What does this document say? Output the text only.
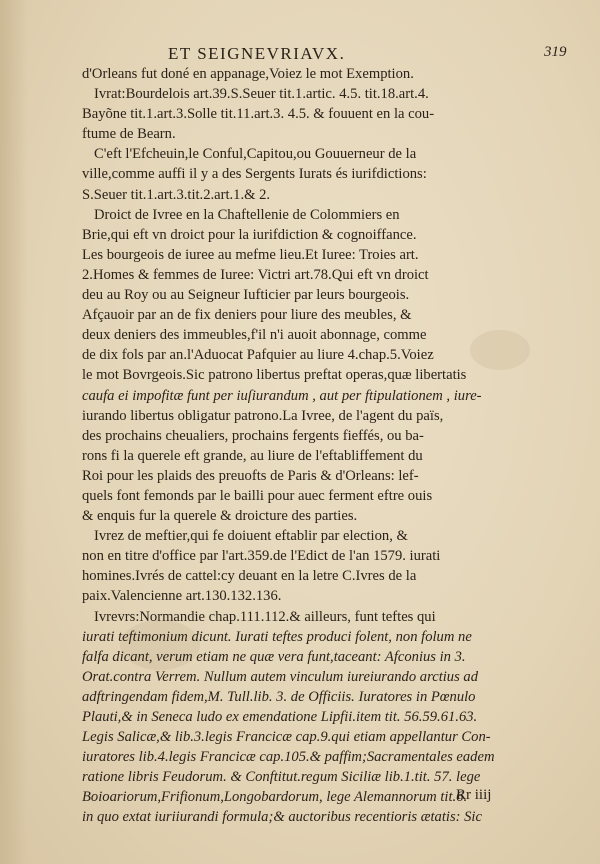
ET SEIGNEVRIAVX.	319
d'Orleans fut doné en appanage,Voiez le mot Exemption.
Ivrat:Bourdelois art.39.S.Seuer tit.1.artic. 4.5. tit.18.art.4.
Bayõne tit.1.art.3.Solle tit.11.art.3. 4.5. & fouuent en la cou-
ftume de Bearn.
C'eft l'Efcheuin,le Conful,Capitou,ou Gouuerneur de la
ville,comme auffi il y a des Sergents Iurats és iurifdictions:
S.Seuer tit.1.art.3.tit.2.art.1.& 2.
Droict de Ivree en la Chaftellenie de Colommiers en
Brie,qui eft vn droict pour la iurifdiction & cognoiffance.
Les bourgeois de iuree au mefme lieu.Et Iuree: Troies art.
2.Homes & femmes de Iuree: Victri art.78.Qui eft vn droict
deu au Roy ou au Seigneur Iufticier par leurs bourgeois.
Afçauoir par an de fix deniers pour liure des meubles, &
deux deniers des immeubles,f'il n'i auoit abonnage, comme
de dix fols par an.l'Aduocat Pafquier au liure 4.chap.5.Voiez
le mot Bovrgeois.Sic patrono libertus preftat operas,quæ libertatis
caufa ei impofitæ funt per iuſiurandum , aut per ftipulationem , iure-
iurando libertus obligatur patrono.La Ivree, de l'agent du païs,
des prochains cheualiers, prochains fergents fieffés, ou ba-
rons fi la querele eft grande, au liure de l'eftabliffement du
Roi pour les plaids des preuofts de Paris & d'Orleans: lef-
quels font femonds par le bailli pour auec ferment eftre ouis
& enquis fur la querele & droicture des parties.
Ivrez de meftier,qui fe doiuent eftablir par election, &
non en titre d'office par l'art.359.de l'Edict de l'an 1579. iurati
homines.Ivrés de cattel:cy deuant en la letre C.Ivres de la
paix.Valencienne art.130.132.136.
Ivrevrs:Normandie chap.111.112.& ailleurs, funt teftes qui
iurati teftimonium dicunt. Iurati teftes produci folent, non folum ne
falfa dicant, verum etiam ne quæ vera funt,taceant: Afconius in 3.
Orat.contra Verrem. Nullum autem vinculum iureiurando arctius ad
adftringendam fidem,M. Tull.lib. 3. de Officiis. Iuratores in Pœnulo
Plauti,& in Seneca ludo ex emendatione Lipfii.item tit. 56.59.61.63.
Legis Salicæ,& lib.3.legis Francicæ cap.9.qui etiam appellantur Con-
iuratores lib.4.legis Francicæ cap.105.& paffim;Sacramentales eadem
ratione libris Feudorum. & Conftitut.regum Siciliæ lib.1.tit. 57. lege
Boioariorum,Frifionum,Longobardorum, lege Alemannorum tit.6.
in quo extat iuriiurandi formula;& auctoribus recentioris ætatis: Sic
Rr iiij
